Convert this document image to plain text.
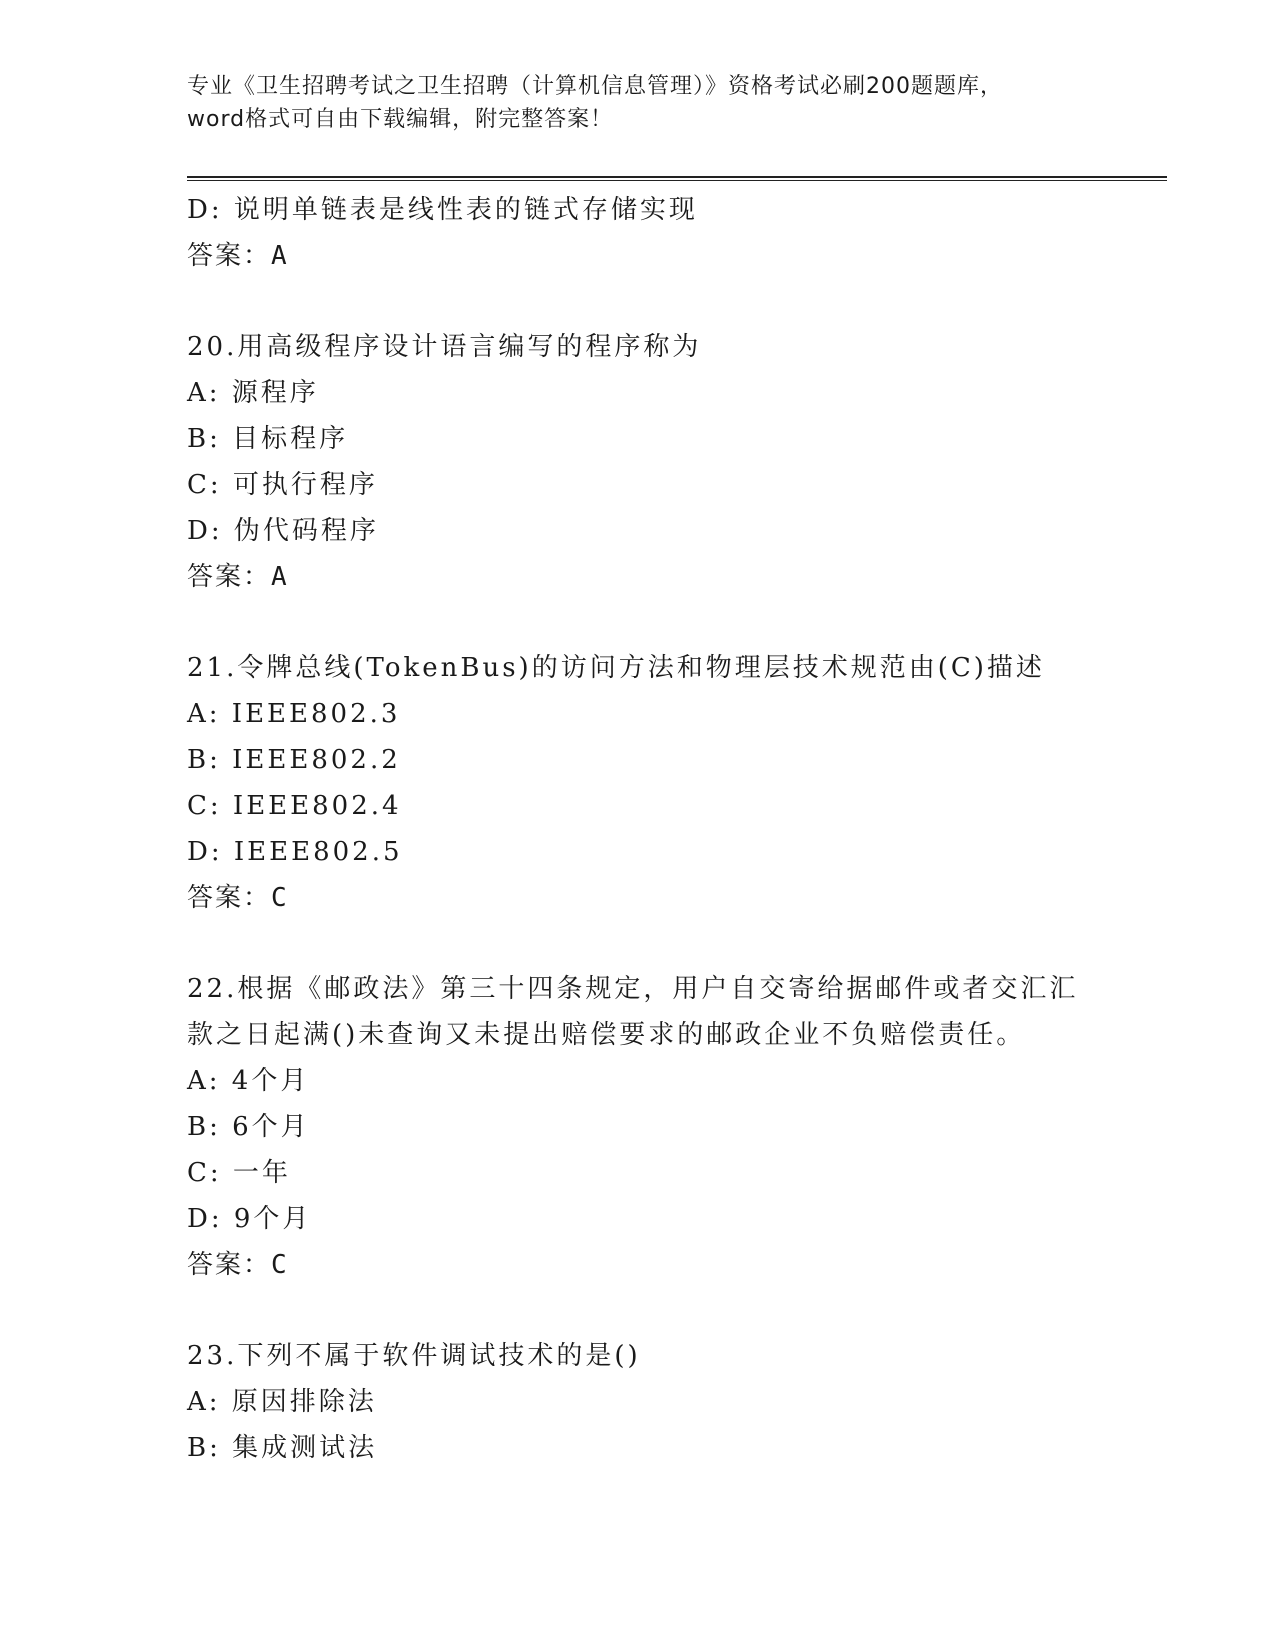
专业《卫生招聘考试之卫生招聘（计算机信息管理）》资格考试必刷200题题库，
word格式可自由下载编辑，附完整答案！
D: 说明单链表是线性表的链式存储实现
答案：A
20.用高级程序设计语言编写的程序称为
A: 源程序
B: 目标程序
C: 可执行程序
D: 伪代码程序
答案：A
21.令牌总线(TokenBus)的访问方法和物理层技术规范由(C)描述
A: IEEE802.3
B: IEEE802.2
C: IEEE802.4
D: IEEE802.5
答案：C
22.根据《邮政法》第三十四条规定，用户自交寄给据邮件或者交汇汇
款之日起满()未查询又未提出赔偿要求的邮政企业不负赔偿责任。
A: 4个月
B: 6个月
C: 一年
D: 9个月
答案：C
23.下列不属于软件调试技术的是()
A: 原因排除法
B: 集成测试法
